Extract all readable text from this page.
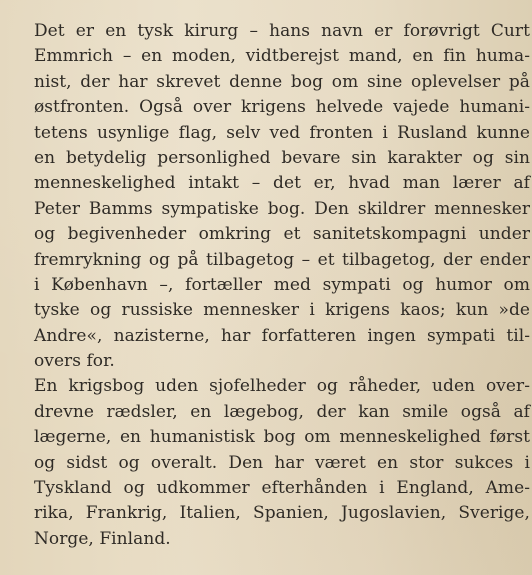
Det er en tysk kirurg – hans navn er forøvrigt Curt
Emmrich – en moden, vidtberejst mand, en fin huma-
nist, der har skrevet denne bog om sine oplevelser på
østfronten. Også over krigens helvede vajede humani-
tetens usynlige flag, selv ved fronten i Rusland kunne
en betydelig personlighed bevare sin karakter og sin
menneskelighed intakt – det er, hvad man lærer af
Peter Bamms sympatiske bog. Den skildrer mennesker
og begivenheder omkring et sanitetskompagni under
fremrykning og på tilbagetog – et tilbagetog, der ender
i København –, fortæller med sympati og humor om
tyske og russiske mennesker i krigens kaos; kun »de
Andre«, nazisterne, har forfatteren ingen sympati til-
overs for.
En krigsbog uden sjofelheder og råheder, uden over-
drevne rædsler, en lægebog, der kan smile også af
lægerne, en humanistisk bog om menneskelighed først
og sidst og overalt. Den har været en stor sukces i
Tyskland og udkommer efterhånden i England, Ame-
rika, Frankrig, Italien, Spanien, Jugoslavien, Sverige,
Norge, Finland.
